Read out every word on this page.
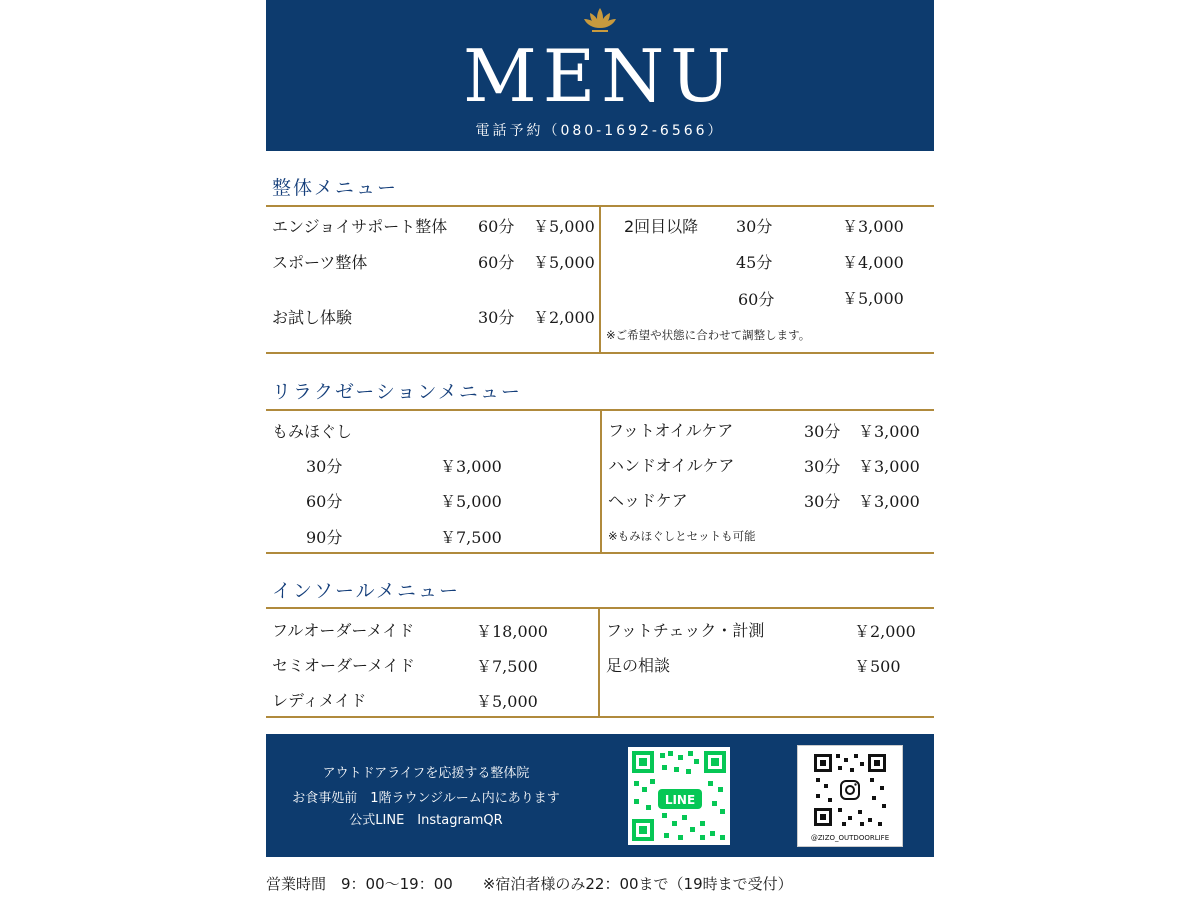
MENU
電話予約（080-1692-6566）
整体メニュー
エンジョイサポート整体 60分 ￥5,000
スポーツ整体	60分 ￥5,000
お試し体験	30分 ￥2,000
2回目以降 30分	￥3,000
45分	￥4,000
60分	￥5,000
※ご希望や状態に合わせて調整します。
リラクゼーションメニュー
もみほぐし
30分	￥3,000
60分	￥5,000
90分	￥7,500
フットオイルケア	30分 ￥3,000
ハンドオイルケア	30分 ￥3,000
ヘッドケア	30分 ￥3,000
※もみほぐしとセットも可能
インソールメニュー
フルオーダーメイド	￥18,000
セミオーダーメイド	￥7,500
レディメイド	￥5,000
フットチェック・計測	￥2,000
足の相談	￥500
アウトドアライフを応援する整体院
お食事処前　1階ラウンジルーム内にあります
公式LINE　InstagramQR
LINE
@ZIZO_OUTDOORLIFE
営業時間　9：00〜19：00　　※宿泊者様のみ22：00まで（19時まで受付）
